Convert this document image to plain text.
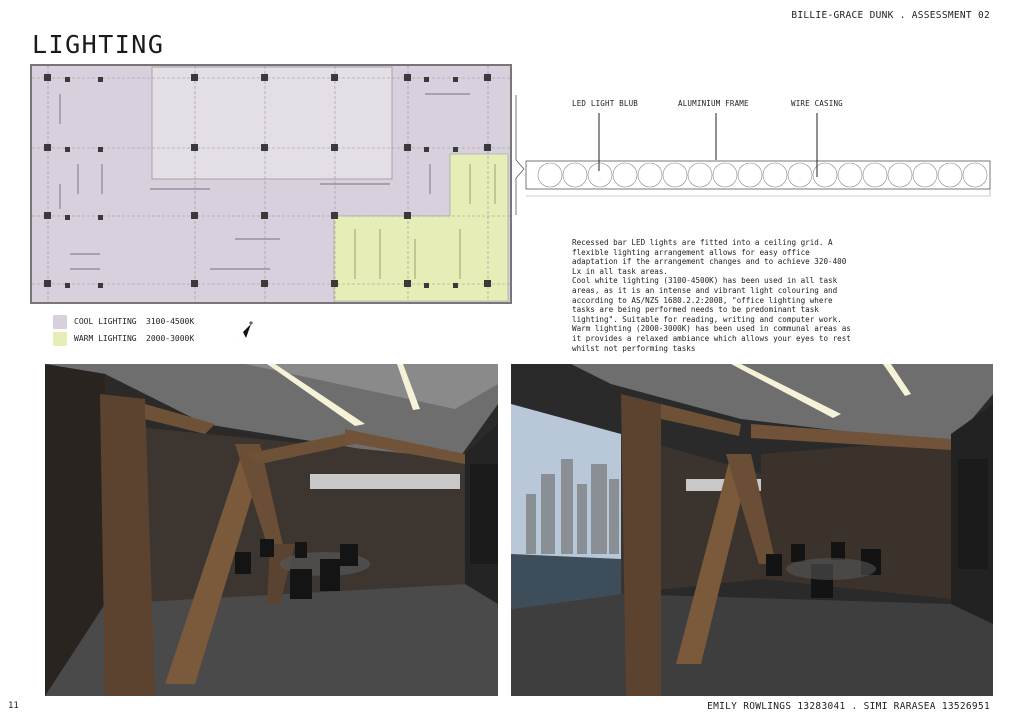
BILLIE-GRACE DUNK . ASSESSMENT 02
LIGHTING
COOL LIGHTING	3100-4500K
WARM LIGHTING	2000-3000K
LED LIGHT BLUB	ALUMINIUM FRAME	WIRE CASING

Recessed bar LED lights are fitted into a ceiling grid. A flexible lighting arrangement allows for easy office adaptation if the arrangement changes and to achieve 320-400 Lx in all task areas.

Cool white lighting (3100-4500K) has been used in all task areas, as it is an intense and vibrant light colouring and according to AS/NZS 1680.2.2:2008, "office lighting where tasks are being performed needs to be predominant task lighting". Suitable for reading, writing and computer work.

Warm lighting (2000-3000K) has been used in communal areas as it provides a relaxed ambiance which allows your eyes to rest whilst not performing tasks

11	EMILY ROWLINGS 13283041 . SIMI RARASEA 13526951
